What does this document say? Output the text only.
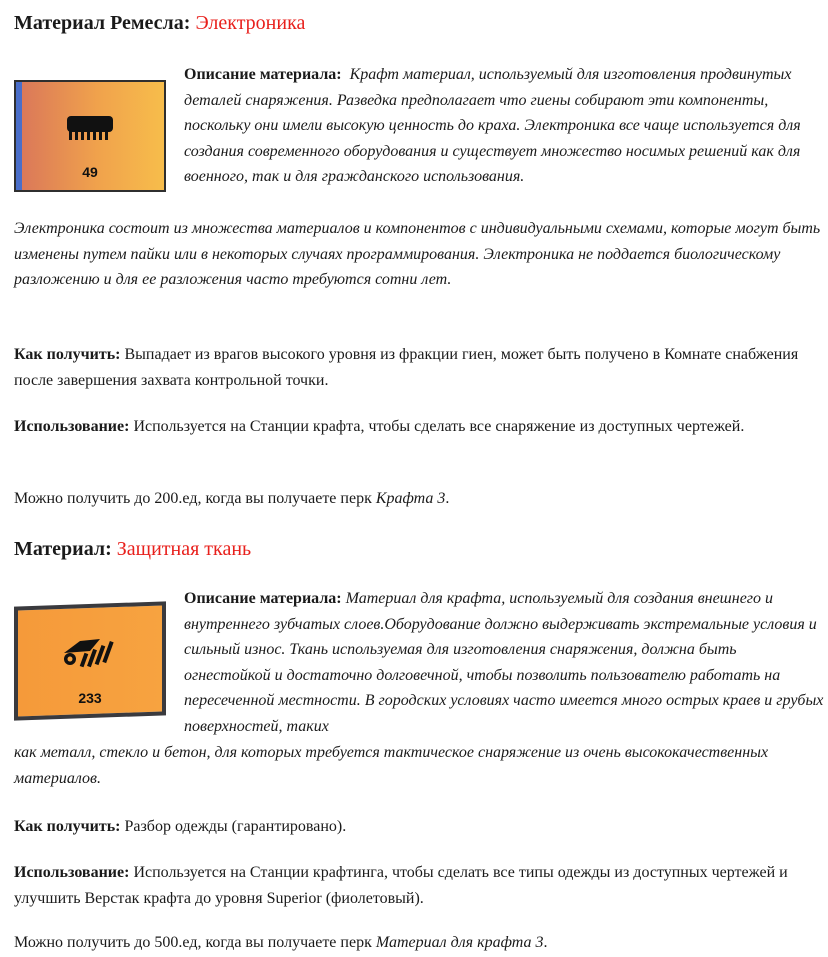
Материал Ремесла: Электроника
49

Описание материала: Крафт материал, используемый для изготовления продвинутых деталей снаряжения. Разведка предполагает что гиены собирают эти компоненты, поскольку они имели высокую ценность до краха. Электроника все чаще используется для создания современного оборудования и существует множество носимых решений как для военного, так и для гражданского использования.

Электроника состоит из множества материалов и компонентов с индивидуальными схемами, которые могут быть изменены путем пайки или в некоторых случаях программирования. Электроника не поддается биологическому разложению и для ее разложения часто требуются сотни лет.

Как получить: Выпадает из врагов высокого уровня из фракции гиен, может быть получено в Комнате снабжения после завершения захвата контрольной точки.

Использование: Используется на Станции крафта, чтобы сделать все снаряжение из доступных чертежей.

Можно получить до 200.ед, когда вы получаете перк Крафта 3.

Материал: Защитная ткань
233

Описание материала: Материал для крафта, используемый для создания внешнего и внутреннего зубчатых слоев.Оборудование должно выдерживать экстремальные условия и сильный износ. Ткань используемая для изготовления снаряжения, должна быть огнестойкой и достаточно долговечной, чтобы позволить пользователю работать на пересеченной местности. В городских условиях часто имеется много острых краев и грубых поверхностей, таких

как металл, стекло и бетон, для которых требуется тактическое снаряжение из очень высококачественных материалов.

Как получить: Разбор одежды (гарантировано).

Использование: Используется на Станции крафтинга, чтобы сделать все типы одежды из доступных чертежей и улучшить Верстак крафта до уровня Superior (фиолетовый).

Можно получить до 500.ед, когда вы получаете перк Материал для крафта 3.
